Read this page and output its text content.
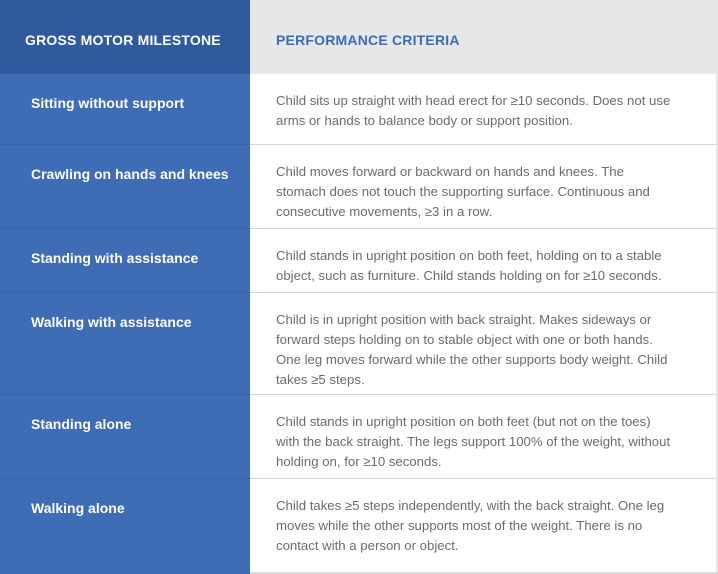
GROSS MOTOR MILESTONE	PERFORMANCE CRITERIA
Sitting without support	Child sits up straight with head erect for ≥10 seconds. Does not use arms or hands to balance body or support position.
Crawling on hands and knees	Child moves forward or backward on hands and knees. The stomach does not touch the supporting surface. Continuous and consecutive movements, ≥3 in a row.
Standing with assistance	Child stands in upright position on both feet, holding on to a stable object, such as furniture. Child stands holding on for ≥10 seconds.
Walking with assistance	Child is in upright position with back straight. Makes sideways or forward steps holding on to stable object with one or both hands. One leg moves forward while the other supports body weight. Child takes ≥5 steps.
Standing alone	Child stands in upright position on both feet (but not on the toes) with the back straight. The legs support 100% of the weight, without holding on, for ≥10 seconds.
Walking alone	Child takes ≥5 steps independently, with the back straight. One leg moves while the other supports most of the weight. There is no contact with a person or object.
